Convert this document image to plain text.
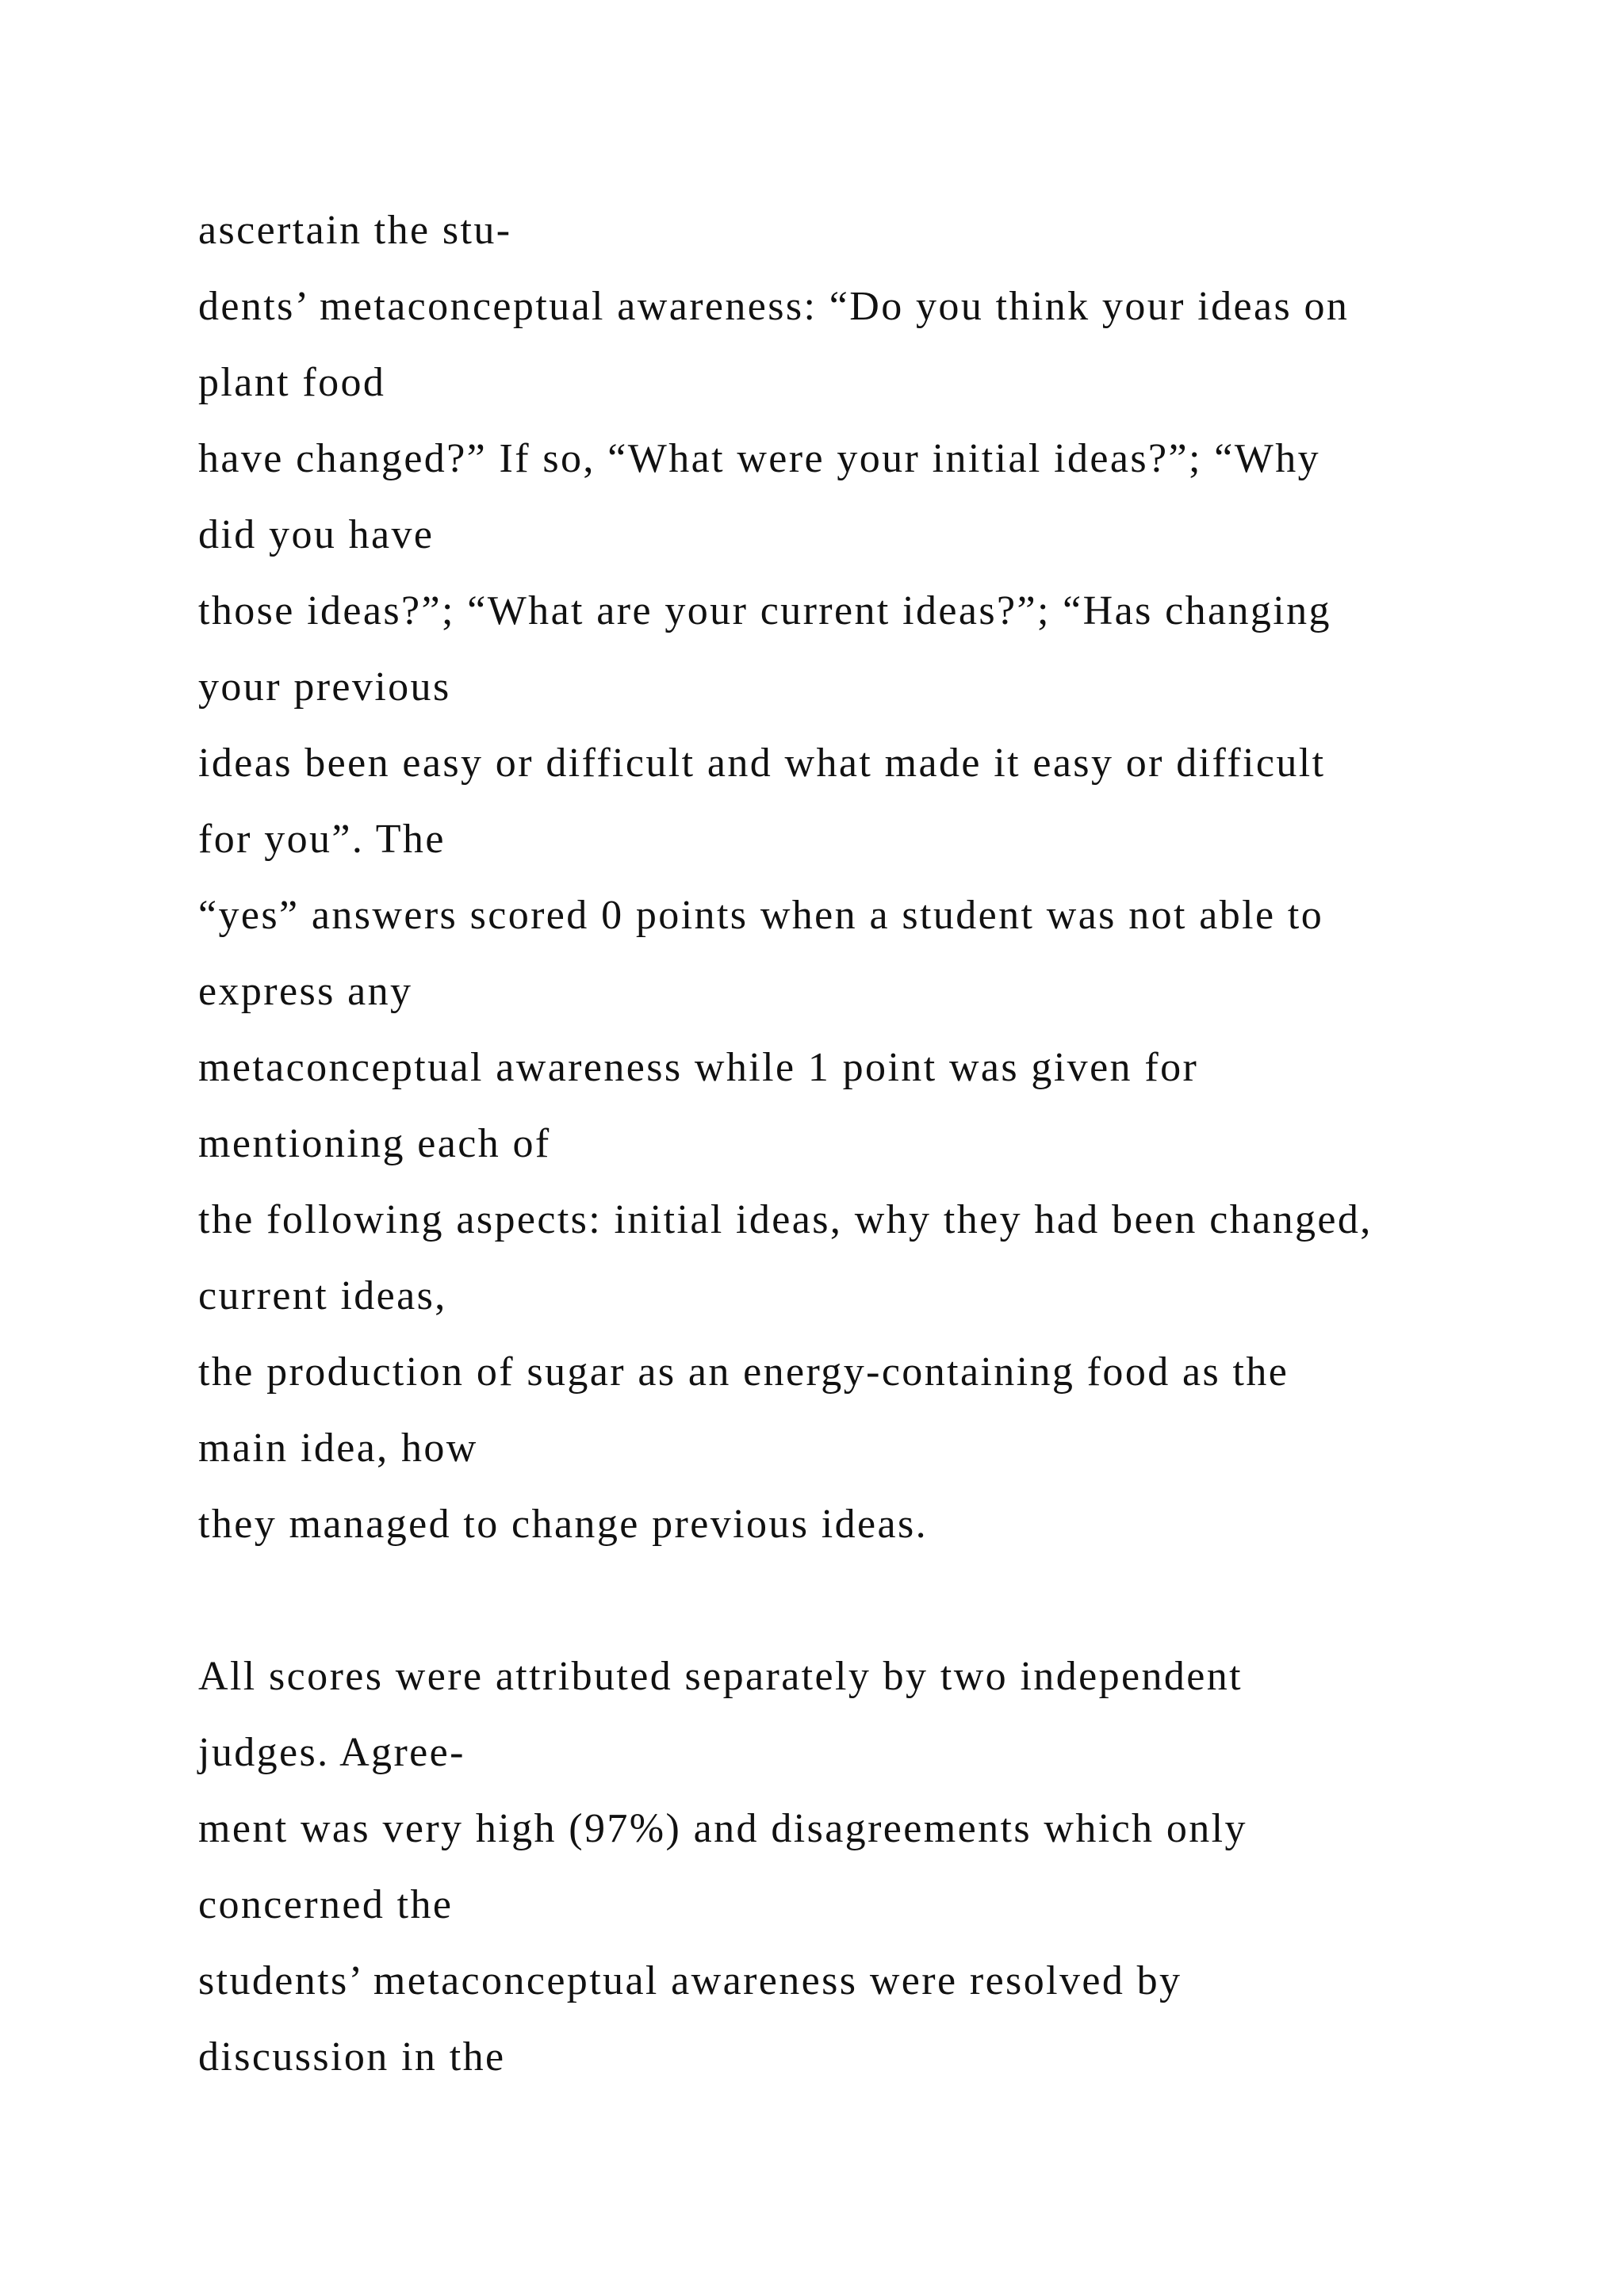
ascertain the stu-
dents’ metaconceptual awareness: “Do you think your ideas on
plant food
have changed?” If so, “What were your initial ideas?”; “Why
did you have
those ideas?”; “What are your current ideas?”; “Has changing
your previous
ideas been easy or difficult and what made it easy or difficult
for you”. The
“yes” answers scored 0 points when a student was not able to
express any
metaconceptual awareness while 1 point was given for
mentioning each of
the following aspects: initial ideas, why they had been changed,
current ideas,
the production of sugar as an energy-containing food as the
main idea, how
they managed to change previous ideas.
All scores were attributed separately by two independent
judges. Agree-
ment was very high (97%) and disagreements which only
concerned the
students’ metaconceptual awareness were resolved by
discussion in the
